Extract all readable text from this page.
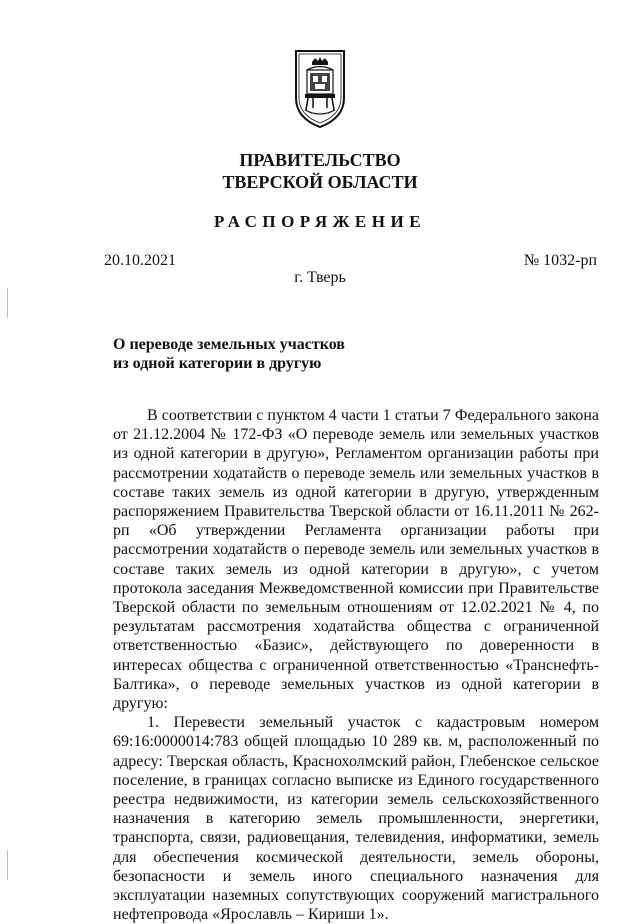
ПРАВИТЕЛЬСТВО
ТВЕРСКОЙ ОБЛАСТИ
РАСПОРЯЖЕНИЕ
20.10.2021	№ 1032-рп
г. Тверь
О переводе земельных участков
из одной категории в другую

В соответствии с пунктом 4 части 1 статьи 7 Федерального закона от 21.12.2004 № 172-ФЗ «О переводе земель или земельных участков из одной категории в другую», Регламентом организации работы при рассмотрении ходатайств о переводе земель или земельных участков в составе таких земель из одной категории в другую, утвержденным распоряжением Правительства Тверской области от 16.11.2011 № 262-рп «Об утверждении Регламента организации работы при рассмотрении ходатайств о переводе земель или земельных участков в составе таких земель из одной категории в другую», с учетом протокола заседания Межведомственной комиссии при Правительстве Тверской области по земельным отношениям от 12.02.2021 № 4, по результатам рассмотрения ходатайства общества с ограниченной ответственностью «Базис», действующего по доверенности в интересах общества с ограниченной ответственностью «Транснефть-Балтика», о переводе земельных участков из одной категории в другую:

1. Перевести земельный участок с кадастровым номером 69:16:0000014:783 общей площадью 10 289 кв. м, расположенный по адресу: Тверская область, Краснохолмский район, Глебенское сельское поселение, в границах согласно выписке из Единого государственного реестра недвижимости, из категории земель сельскохозяйственного назначения в категорию земель промышленности, энергетики, транспорта, связи, радиовещания, телевидения, информатики, земель для обеспечения космической деятельности, земель обороны, безопасности и земель иного специального назначения для эксплуатации наземных сопутствующих сооружений магистрального нефтепровода «Ярославль – Кириши 1».
